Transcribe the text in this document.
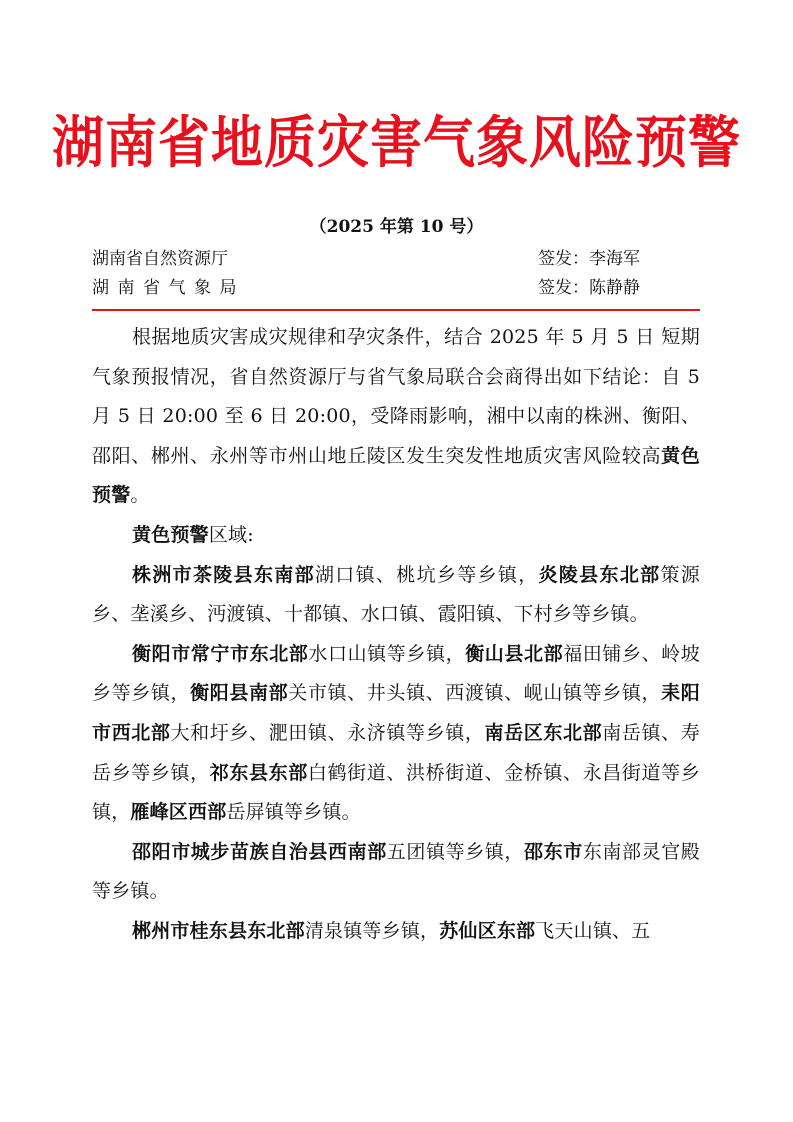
湖南省地质灾害气象风险预警
（2025 年第 10 号）
湖南省自然资源厅	签发：李海军
湖南省气象局	签发：陈静静

根据地质灾害成灾规律和孕灾条件，结合 2025 年 5 月 5 日 短期气象预报情况，省自然资源厅与省气象局联合会商得出如下结论：自 5 月 5 日 20:00 至 6 日 20:00，受降雨影响，湘中以南的株洲、衡阳、邵阳、郴州、永州等市州山地丘陵区发生突发性地质灾害风险较高黄色预警。

黄色预警区域:

株洲市茶陵县东南部湖口镇、桃坑乡等乡镇，炎陵县东北部策源乡、垄溪乡、沔渡镇、十都镇、水口镇、霞阳镇、下村乡等乡镇。

衡阳市常宁市东北部水口山镇等乡镇，衡山县北部福田铺乡、岭坡乡等乡镇，衡阳县南部关市镇、井头镇、西渡镇、岘山镇等乡镇，耒阳市西北部大和圩乡、淝田镇、永济镇等乡镇，南岳区东北部南岳镇、寿岳乡等乡镇，祁东县东部白鹤街道、洪桥街道、金桥镇、永昌街道等乡镇，雁峰区西部岳屏镇等乡镇。

邵阳市城步苗族自治县西南部五团镇等乡镇，邵东市东南部灵官殿等乡镇。

郴州市桂东县东北部清泉镇等乡镇，苏仙区东部飞天山镇、五
